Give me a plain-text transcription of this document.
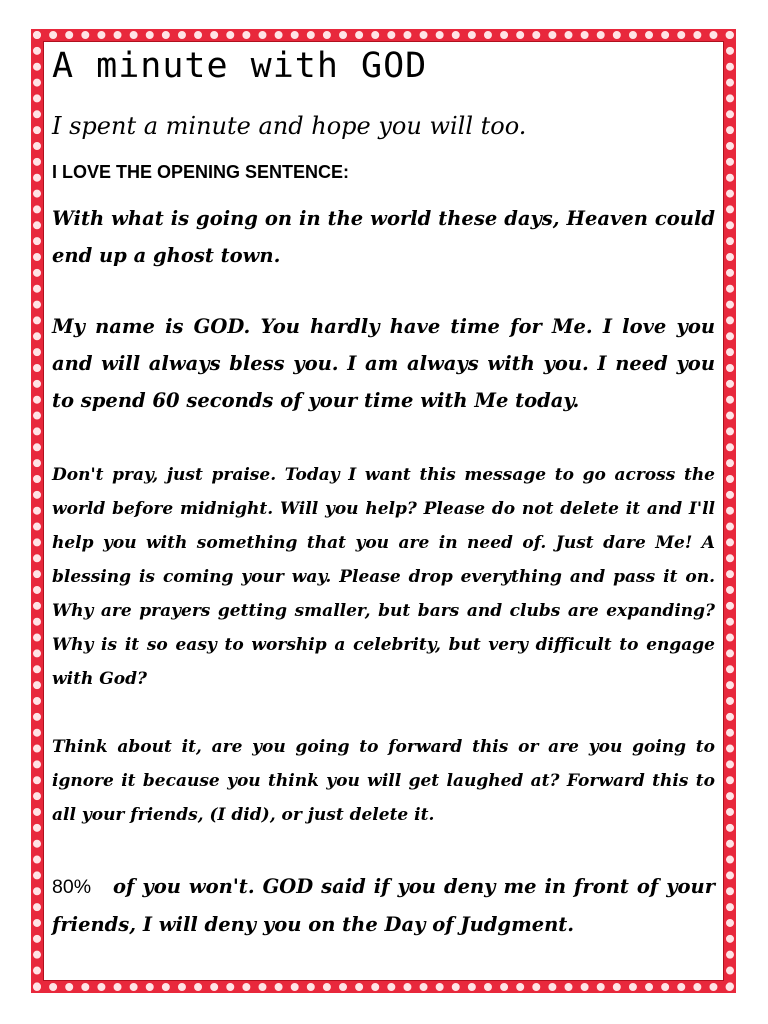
A minute with GOD

I spent a minute and hope you will too.

I LOVE THE OPENING SENTENCE:

With what is going on in the world these days, Heaven could end up a ghost town.

My name is GOD. You hardly have time for Me. I love you and will always bless you. I am always with you. I need you to spend 60 seconds of your time with Me today.

Don't pray, just praise. Today I want this message to go across the world before midnight. Will you help? Please do not delete it and I'll help you with something that you are in need of. Just dare Me! A blessing is coming your way. Please drop everything and pass it on. Why are prayers getting smaller, but bars and clubs are expanding? Why is it so easy to worship a celebrity, but very difficult to engage with God?

Think about it, are you going to forward this or are you going to ignore it because you think you will get laughed at? Forward this to all your friends, (I did), or just delete it.

80% of you won't. GOD said if you deny me in front of your friends, I will deny you on the Day of Judgment.
